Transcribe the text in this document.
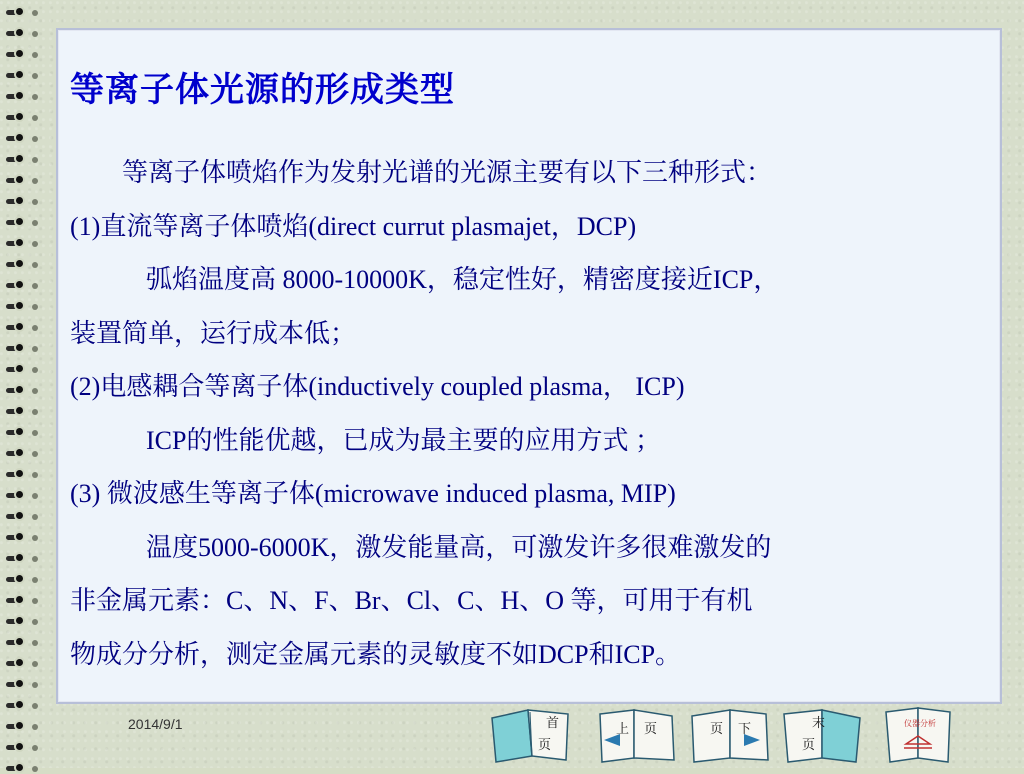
等离子体光源的形成类型

等离子体喷焰作为发射光谱的光源主要有以下三种形式：

(1)直流等离子体喷焰(direct currut plasmajet，DCP)

弧焰温度高 8000-10000K，稳定性好，精密度接近ICP，

装置简单，运行成本低；

(2)电感耦合等离子体(inductively coupled plasma， ICP)

ICP的性能优越，已成为最主要的应用方式 ；

(3) 微波感生等离子体(microwave induced plasma, MIP)

温度5000-6000K，激发能量高，可激发许多很难激发的

非金属元素：C、N、F、Br、Cl、C、H、O 等，可用于有机

物成分分析，测定金属元素的灵敏度不如DCP和ICP。

2014/9/1	首
页
上 页	页 下	末
页
仪器分析
